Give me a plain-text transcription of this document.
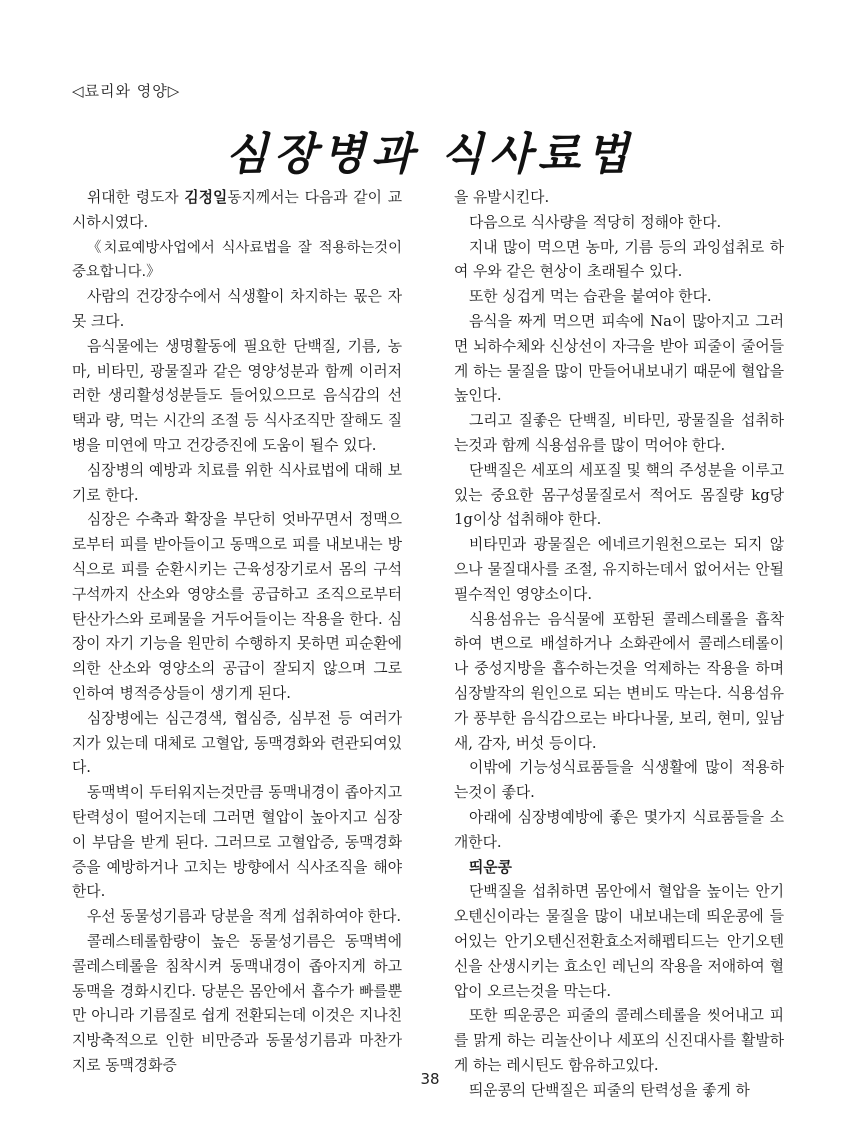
◁료리와 영양▷
심장병과 식사료법

위대한 령도자 김정일동지께서는 다음과 같이 교시하시였다.

《치료예방사업에서 식사료법을 잘 적용하는것이 중요합니다.》

사람의 건강장수에서 식생활이 차지하는 몫은 자못 크다.

음식물에는 생명활동에 필요한 단백질, 기름, 농마, 비타민, 광물질과 같은 영양성분과 함께 이러저러한 생리활성성분들도 들어있으므로 음식감의 선택과 량, 먹는 시간의 조절 등 식사조직만 잘해도 질병을 미연에 막고 건강증진에 도움이 될수 있다.

심장병의 예방과 치료를 위한 식사료법에 대해 보기로 한다.

심장은 수축과 확장을 부단히 엇바꾸면서 정맥으로부터 피를 받아들이고 동맥으로 피를 내보내는 방식으로 피를 순환시키는 근육성장기로서 몸의 구석구석까지 산소와 영양소를 공급하고 조직으로부터 탄산가스와 로페물을 거두어들이는 작용을 한다. 심장이 자기 기능을 원만히 수행하지 못하면 피순환에 의한 산소와 영양소의 공급이 잘되지 않으며 그로 인하여 병적증상들이 생기게 된다.

심장병에는 심근경색, 협심증, 심부전 등 여러가지가 있는데 대체로 고혈압, 동맥경화와 련관되여있다.

동맥벽이 두터워지는것만큼 동맥내경이 좁아지고 탄력성이 떨어지는데 그러면 혈압이 높아지고 심장이 부담을 받게 된다. 그러므로 고혈압증, 동맥경화증을 예방하거나 고치는 방향에서 식사조직을 해야 한다.

우선 동물성기름과 당분을 적게 섭취하여야 한다.

콜레스테롤함량이 높은 동물성기름은 동맥벽에 콜레스테롤을 침착시켜 동맥내경이 좁아지게 하고 동맥을 경화시킨다. 당분은 몸안에서 흡수가 빠를뿐만 아니라 기름질로 쉽게 전환되는데 이것은 지나친 지방축적으로 인한 비만증과 동물성기름과 마찬가지로 동맥경화증

을 유발시킨다.

다음으로 식사량을 적당히 정해야 한다.

지내 많이 먹으면 농마, 기름 등의 과잉섭취로 하여 우와 같은 현상이 초래될수 있다.

또한 싱겁게 먹는 습관을 붙여야 한다.

음식을 짜게 먹으면 피속에 Na이 많아지고 그러면 뇌하수체와 신상선이 자극을 받아 피줄이 줄어들게 하는 물질을 많이 만들어내보내기 때문에 혈압을 높인다.

그리고 질좋은 단백질, 비타민, 광물질을 섭취하는것과 함께 식용섬유를 많이 먹어야 한다.

단백질은 세포의 세포질 및 핵의 주성분을 이루고있는 중요한 몸구성물질로서 적어도 몸질량 kg당 1g이상 섭취해야 한다.

비타민과 광물질은 에네르기원천으로는 되지 않으나 물질대사를 조절, 유지하는데서 없어서는 안될 필수적인 영양소이다.

식용섬유는 음식물에 포함된 콜레스테롤을 흡착하여 변으로 배설하거나 소화관에서 콜레스테롤이나 중성지방을 흡수하는것을 억제하는 작용을 하며 심장발작의 원인으로 되는 변비도 막는다. 식용섬유가 풍부한 음식감으로는 바다나물, 보리, 현미, 잎남새, 감자, 버섯 등이다.

이밖에 기능성식료품들을 식생활에 많이 적용하는것이 좋다.

아래에 심장병예방에 좋은 몇가지 식료품들을 소개한다.

띄운콩

단백질을 섭취하면 몸안에서 혈압을 높이는 안기오텐신이라는 물질을 많이 내보내는데 띄운콩에 들어있는 안기오텐신전환효소저해펩티드는 안기오텐신을 산생시키는 효소인 레닌의 작용을 저애하여 혈압이 오르는것을 막는다.

또한 띄운콩은 피줄의 콜레스테롤을 씻어내고 피를 맑게 하는 리놀산이나 세포의 신진대사를 활발하게 하는 레시틴도 함유하고있다.

띄운콩의 단백질은 피줄의 탄력성을 좋게 하

38
